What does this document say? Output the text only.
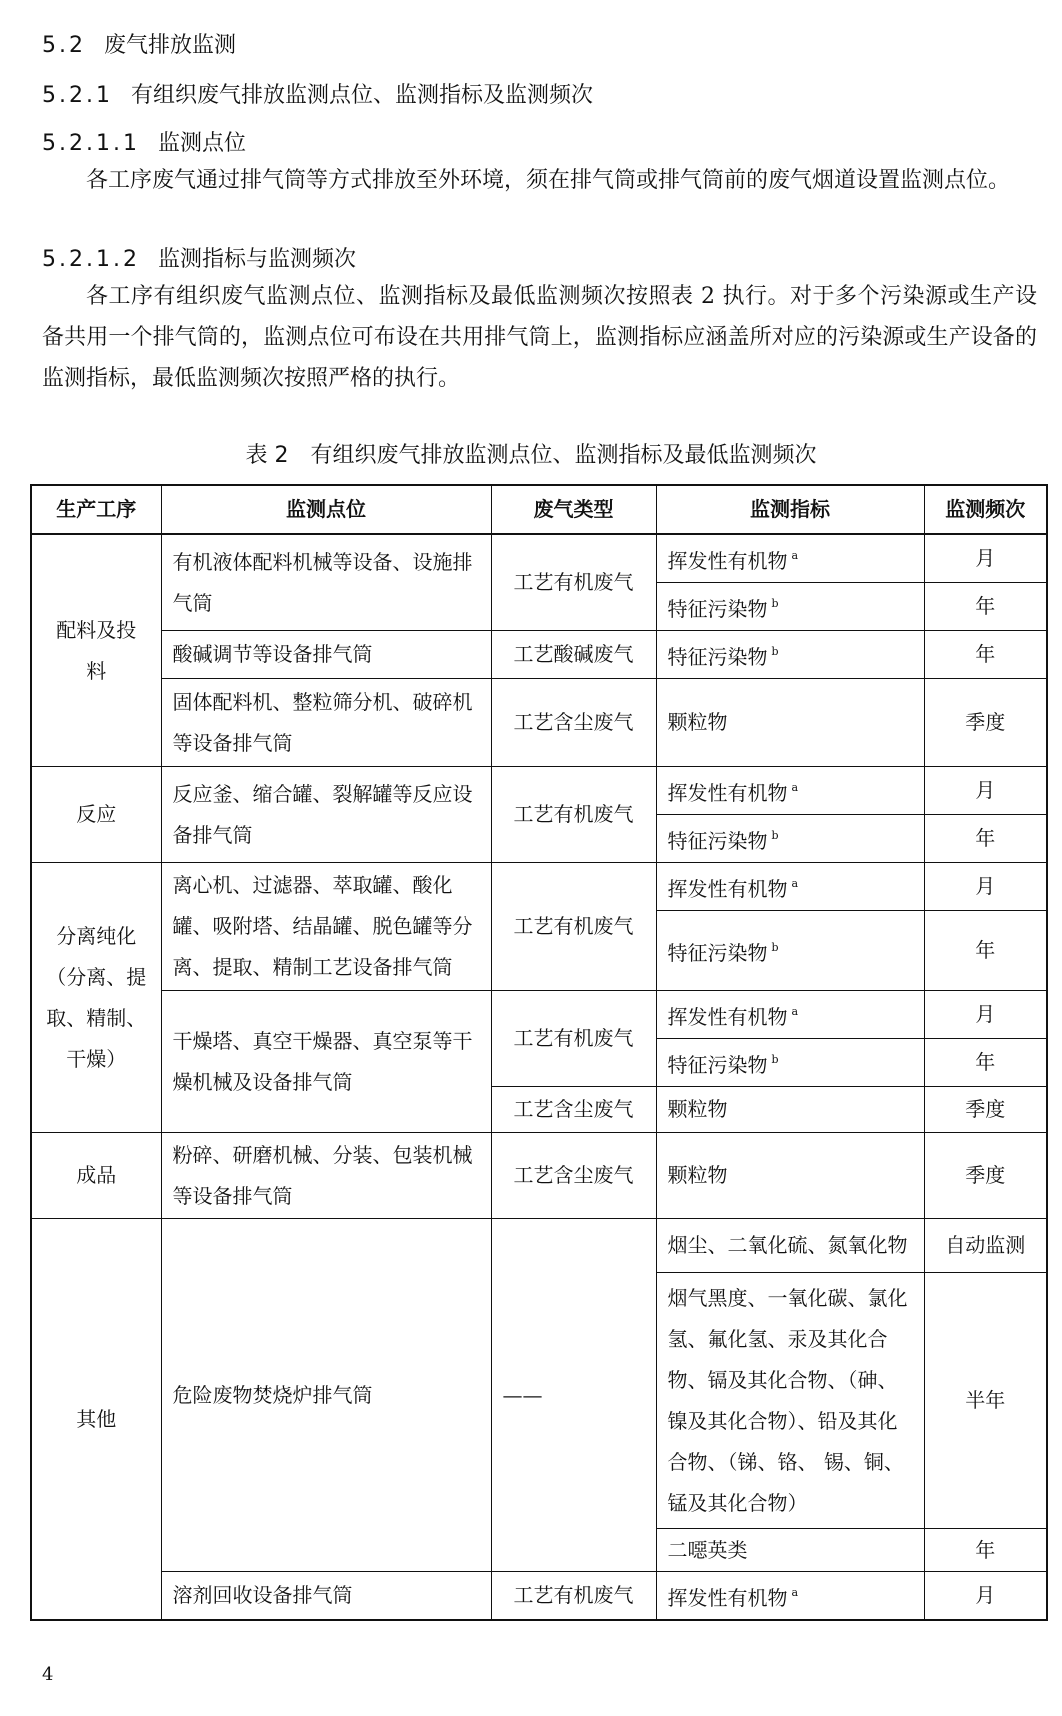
5.2 废气排放监测
5.2.1 有组织废气排放监测点位、监测指标及监测频次
5.2.1.1 监测点位

各工序废气通过排气筒等方式排放至外环境，须在排气筒或排气筒前的废气烟道设置监测点位。

5.2.1.2 监测指标与监测频次

各工序有组织废气监测点位、监测指标及最低监测频次按照表 2 执行。对于多个污染源或生产设备共用一个排气筒的，监测点位可布设在共用排气筒上，监测指标应涵盖所对应的污染源或生产设备的监测指标，最低监测频次按照严格的执行。

表 2 有组织废气排放监测点位、监测指标及最低监测频次
生产工序	监测点位	废气类型	监测指标	监测频次
配料及投料	有机液体配料机械等设备、设施排气筒	工艺有机废气	挥发性有机物 $^a$	月
			特征污染物 $^b$	年
	酸碱调节等设备排气筒	工艺酸碱废气	特征污染物 $^b$	年
	固体配料机、整粒筛分机、破碎机等设备排气筒	工艺含尘废气	颗粒物	季度
反应	反应釜、缩合罐、裂解罐等反应设备排气筒	工艺有机废气	挥发性有机物 $^a$	月
			特征污染物 $^b$	年
分离纯化（分离、提取、精制、干燥）	离心机、过滤器、萃取罐、酸化罐、吸附塔、结晶罐、脱色罐等分离、提取、精制工艺设备排气筒	工艺有机废气	挥发性有机物 $^a$	月
			特征污染物 $^b$	年
	干燥塔、真空干燥器、真空泵等干燥机械及设备排气筒	工艺有机废气	挥发性有机物 $^a$	月
			特征污染物 $^b$	年
		工艺含尘废气	颗粒物	季度
成品	粉碎、研磨机械、分装、包装机械等设备排气筒	工艺含尘废气	颗粒物	季度
其他	危险废物焚烧炉排气筒	——	烟尘、二氧化硫、氮氧化物	自动监测
			烟气黑度、一氧化碳、氯化氢、氟化氢、汞及其化合物、镉及其化合物、（砷、镍及其化合物）、铅及其化合物、（锑、铬、 锡、铜、锰及其化合物）	半年
			二噁英类	年
	溶剂回收设备排气筒	工艺有机废气	挥发性有机物 $^a$	月
4
